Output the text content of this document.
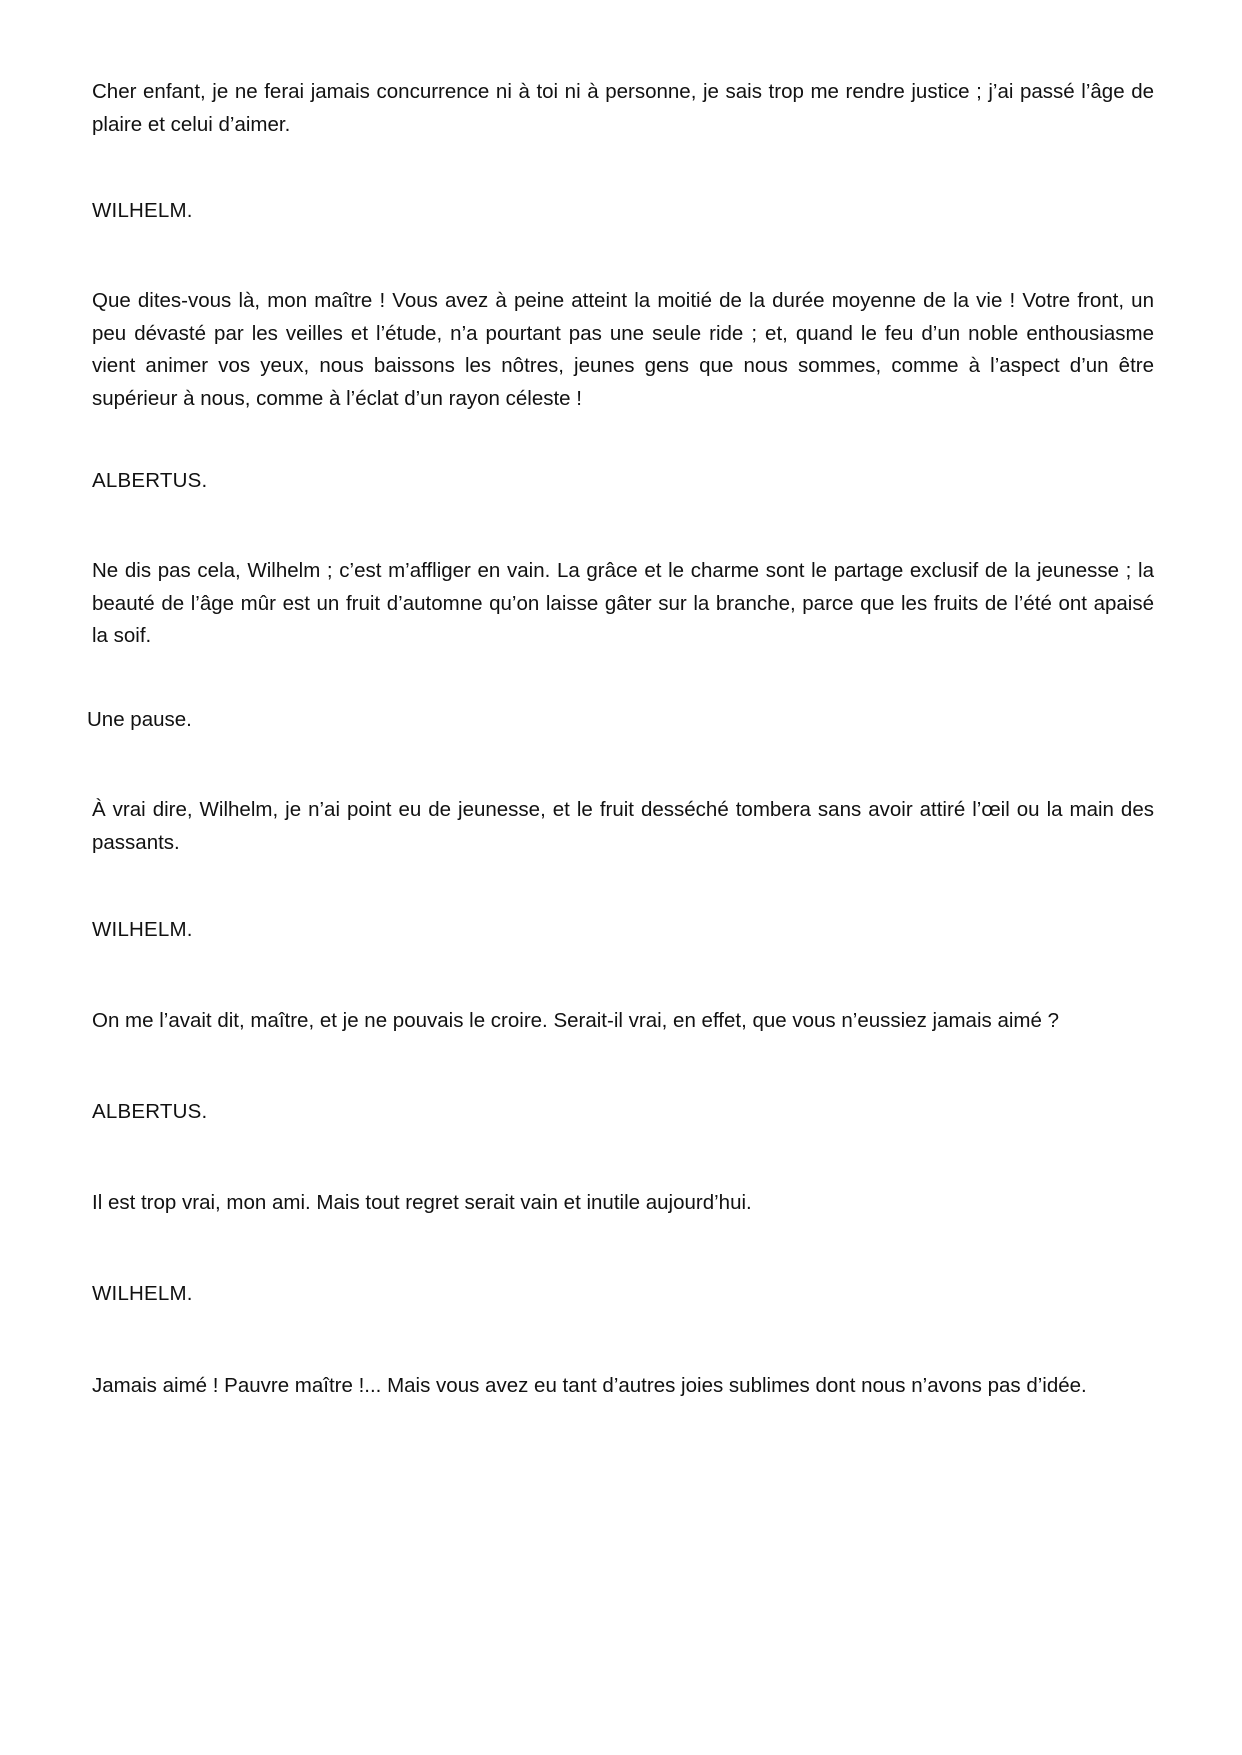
Cher enfant, je ne ferai jamais concurrence ni à toi ni à personne, je sais trop me rendre justice ; j’ai passé l’âge de plaire et celui d’aimer.

WILHELM.

Que dites-vous là, mon maître ! Vous avez à peine atteint la moitié de la durée moyenne de la vie ! Votre front, un peu dévasté par les veilles et l’étude, n’a pourtant pas une seule ride ; et, quand le feu d’un noble enthousiasme vient animer vos yeux, nous baissons les nôtres, jeunes gens que nous sommes, comme à l’aspect d’un être supérieur à nous, comme à l’éclat d’un rayon céleste !

ALBERTUS.

Ne dis pas cela, Wilhelm ; c’est m’affliger en vain. La grâce et le charme sont le partage exclusif de la jeunesse ; la beauté de l’âge mûr est un fruit d’automne qu’on laisse gâter sur la branche, parce que les fruits de l’été ont apaisé la soif.

Une pause.

À vrai dire, Wilhelm, je n’ai point eu de jeunesse, et le fruit desséché tombera sans avoir attiré l’œil ou la main des passants.

WILHELM.

On me l’avait dit, maître, et je ne pouvais le croire. Serait-il vrai, en effet, que vous n’eussiez jamais aimé ?

ALBERTUS.

Il est trop vrai, mon ami. Mais tout regret serait vain et inutile aujourd’hui.

WILHELM.

Jamais aimé ! Pauvre maître !... Mais vous avez eu tant d’autres joies sublimes dont nous n’avons pas d’idée.
